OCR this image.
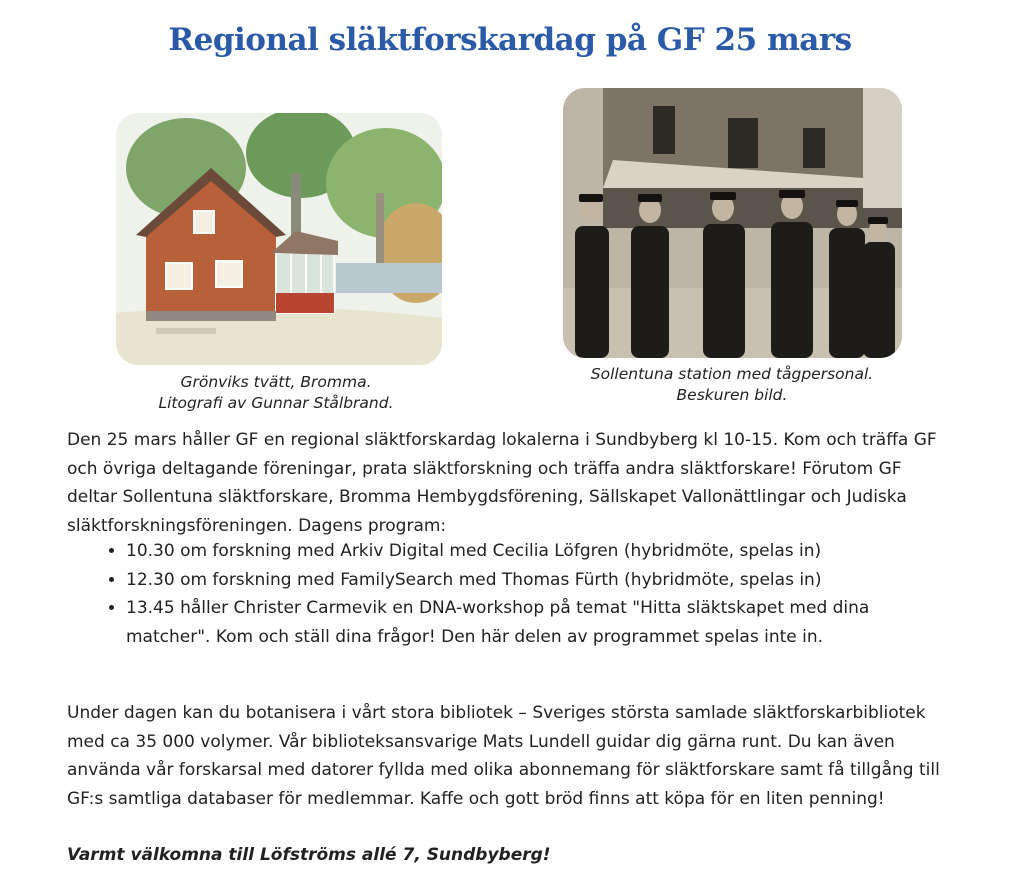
Regional släktforskardag på GF 25 mars
Grönviks tvätt, Bromma.
Litografi av Gunnar Stålbrand.
Sollentuna station med tågpersonal.
Beskuren bild.

Den 25 mars håller GF en regional släktforskardag lokalerna i Sundbyberg kl 10-15. Kom och träffa GF och övriga deltagande föreningar, prata släktforskning och träffa andra släktforskare! Förutom GF deltar Sollentuna släktforskare, Bromma Hembygdsförening, Sällskapet Vallonättlingar och Judiska släktforskningsföreningen. Dagens program:

• 10.30 om forskning med Arkiv Digital med Cecilia Löfgren (hybridmöte, spelas in)
• 12.30 om forskning med FamilySearch med Thomas Fürth (hybridmöte, spelas in)
• 13.45 håller Christer Carmevik en DNA-workshop på temat "Hitta släktskapet med dina matcher". Kom och ställ dina frågor! Den här delen av programmet spelas inte in.

Under dagen kan du botanisera i vårt stora bibliotek – Sveriges största samlade släktforskarbibliotek med ca 35 000 volymer. Vår biblioteksansvarige Mats Lundell guidar dig gärna runt. Du kan även använda vår forskarsal med datorer fyllda med olika abonnemang för släktforskare samt få tillgång till GF:s samtliga databaser för medlemmar. Kaffe och gott bröd finns att köpa för en liten penning!

Varmt välkomna till Löfströms allé 7, Sundbyberg!
